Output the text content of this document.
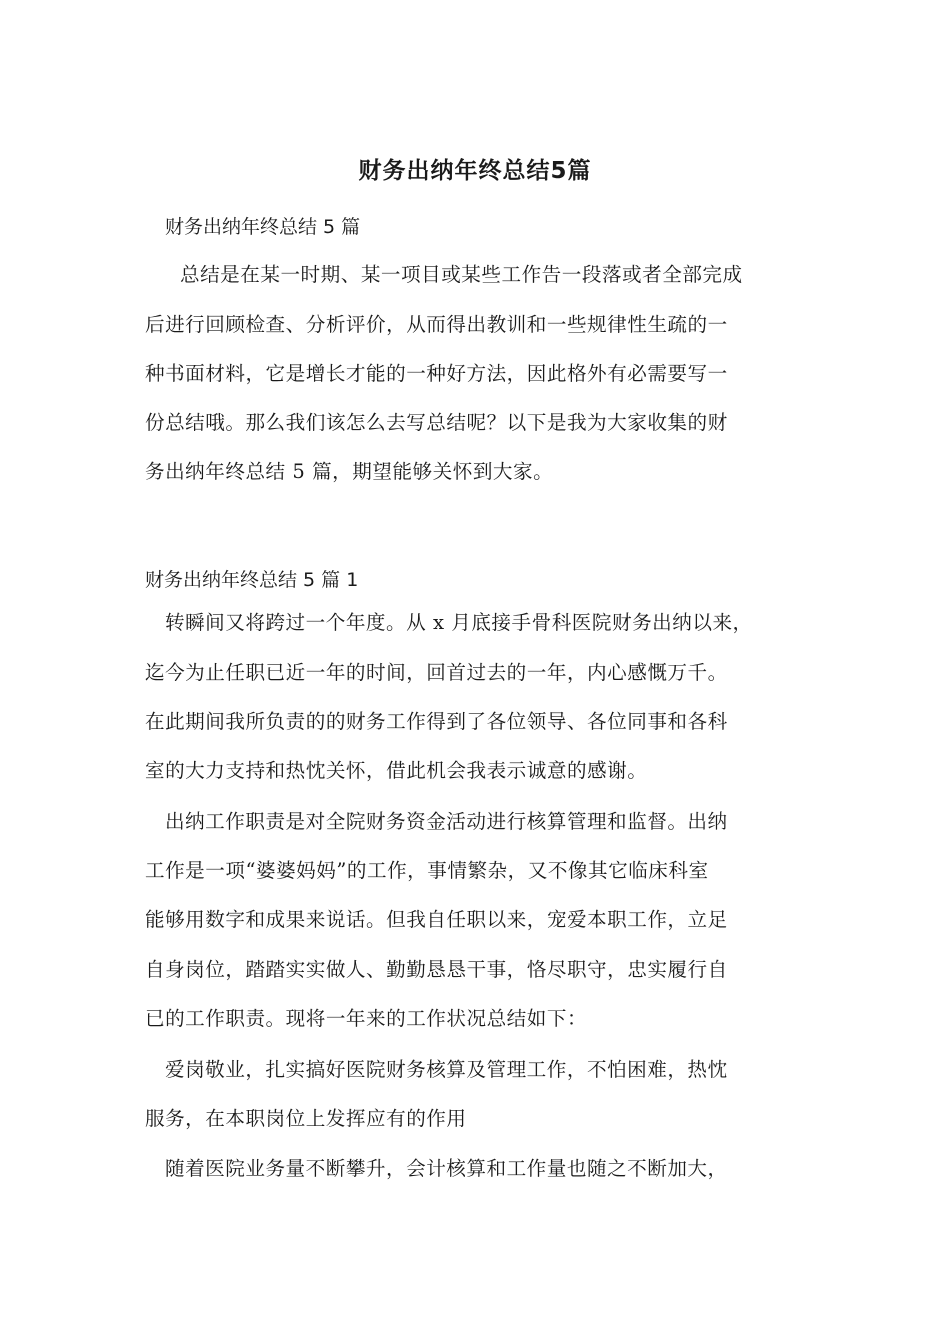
财务出纳年终总结5篇
财务出纳年终总结 5 篇
总结是在某一时期、某一项目或某些工作告一段落或者全部完成
后进行回顾检查、分析评价，从而得出教训和一些规律性生疏的一
种书面材料，它是增长才能的一种好方法，因此格外有必需要写一
份总结哦。那么我们该怎么去写总结呢？以下是我为大家收集的财
务出纳年终总结 5 篇，期望能够关怀到大家。
财务出纳年终总结 5 篇 1
转瞬间又将跨过一个年度。从 x 月底接手骨科医院财务出纳以来，
迄今为止任职已近一年的时间，回首过去的一年，内心感慨万千。
在此期间我所负责的的财务工作得到了各位领导、各位同事和各科
室的大力支持和热忱关怀，借此机会我表示诚意的感谢。
出纳工作职责是对全院财务资金活动进行核算管理和监督。出纳
工作是一项“婆婆妈妈”的工作，事情繁杂，又不像其它临床科室
能够用数字和成果来说话。但我自任职以来，宠爱本职工作，立足
自身岗位，踏踏实实做人、勤勤恳恳干事，恪尽职守，忠实履行自
已的工作职责。现将一年来的工作状况总结如下：
爱岗敬业，扎实搞好医院财务核算及管理工作，不怕困难，热忱
服务，在本职岗位上发挥应有的作用
随着医院业务量不断攀升，会计核算和工作量也随之不断加大，
